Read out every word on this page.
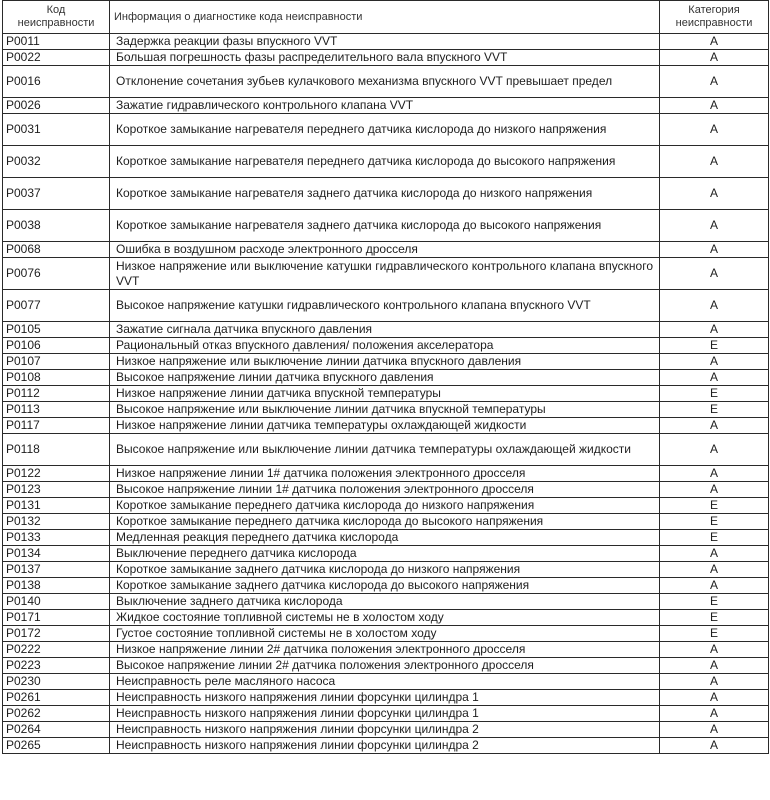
Код неисправности	Информация о диагностике кода неисправности	Категория неисправности
P0011	Задержка реакции фазы впускного VVT	A
P0022	Большая погрешность фазы распределительного вала впускного VVT	A
P0016	Отклонение сочетания зубьев кулачкового механизма впускного VVT превышает предел	A
P0026	Зажатие гидравлического контрольного клапана VVT	A
P0031	Короткое замыкание нагревателя переднего датчика кислорода до низкого напряжения	A
P0032	Короткое замыкание нагревателя переднего датчика кислорода до высокого напряжения	A
P0037	Короткое замыкание нагревателя заднего датчика кислорода до низкого напряжения	A
P0038	Короткое замыкание нагревателя заднего датчика кислорода до высокого напряжения	A
P0068	Ошибка в воздушном расходе электронного дросселя	A
P0076	Низкое напряжение или выключение катушки гидравлического контрольного клапана впускного VVT	A
P0077	Высокое напряжение катушки гидравлического контрольного клапана впускного VVT	A
P0105	Зажатие сигнала датчика впускного давления	A
P0106	Рациональный отказ впускного давления/ положения акселератора	E
P0107	Низкое напряжение или выключение линии датчика впускного давления	A
P0108	Высокое напряжение линии датчика впускного давления	A
P0112	Низкое напряжение линии датчика впускной температуры	E
P0113	Высокое напряжение или выключение линии датчика впускной температуры	E
P0117	Низкое напряжение линии датчика температуры охлаждающей жидкости	A
P0118	Высокое напряжение или выключение линии датчика температуры охлаждающей жидкости	A
P0122	Низкое напряжение линии 1# датчика положения электронного дросселя	A
P0123	Высокое напряжение линии 1# датчика положения электронного дросселя	A
P0131	Короткое замыкание переднего датчика кислорода до низкого напряжения	E
P0132	Короткое замыкание переднего датчика кислорода до высокого напряжения	E
P0133	Медленная реакция переднего датчика кислорода	E
P0134	Выключение переднего датчика кислорода	A
P0137	Короткое замыкание заднего датчика кислорода до низкого напряжения	A
P0138	Короткое замыкание заднего датчика кислорода до высокого напряжения	A
P0140	Выключение заднего датчика кислорода	E
P0171	Жидкое состояние топливной системы не в холостом ходу	E
P0172	Густое состояние топливной системы не в холостом ходу	E
P0222	Низкое напряжение линии 2# датчика положения электронного дросселя	A
P0223	Высокое напряжение линии 2# датчика положения электронного дросселя	A
P0230	Неисправность реле масляного насоса	A
P0261	Неисправность низкого напряжения линии форсунки цилиндра 1	A
P0262	Неисправность низкого напряжения линии форсунки цилиндра 1	A
P0264	Неисправность низкого напряжения линии форсунки цилиндра 2	A
P0265	Неисправность низкого напряжения линии форсунки цилиндра 2	A
